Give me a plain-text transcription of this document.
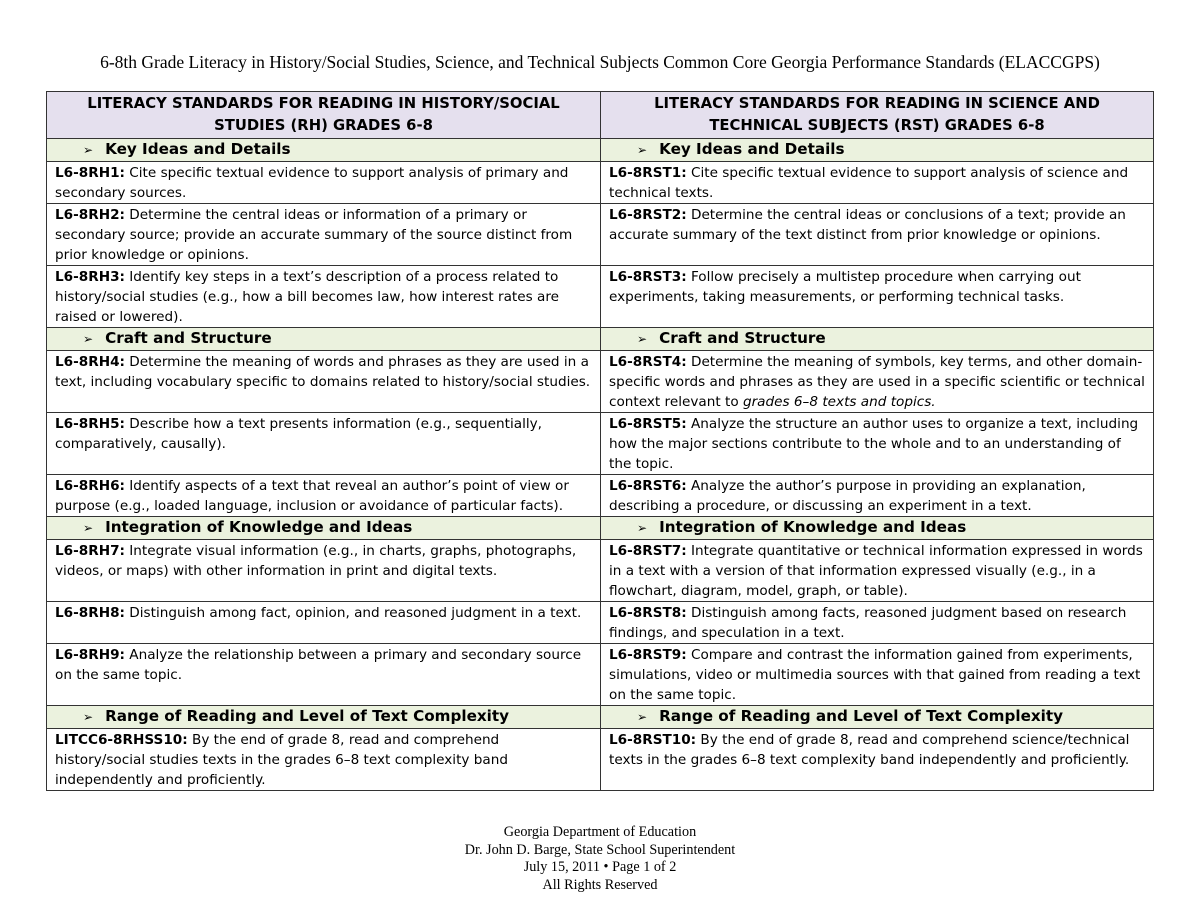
6-8th Grade Literacy in History/Social Studies, Science, and Technical Subjects Common Core Georgia Performance Standards (ELACCGPS)
LITERACY STANDARDS FOR READING IN HISTORY/SOCIAL STUDIES (RH) GRADES 6-8	LITERACY STANDARDS FOR READING IN SCIENCE AND TECHNICAL SUBJECTS (RST) GRADES 6-8
➢ Key Ideas and Details	➢ Key Ideas and Details
L6-8RH1: Cite specific textual evidence to support analysis of primary and secondary sources.	L6-8RST1: Cite specific textual evidence to support analysis of science and technical texts.
L6-8RH2: Determine the central ideas or information of a primary or secondary source; provide an accurate summary of the source distinct from prior knowledge or opinions.	L6-8RST2: Determine the central ideas or conclusions of a text; provide an accurate summary of the text distinct from prior knowledge or opinions.
L6-8RH3: Identify key steps in a text’s description of a process related to history/social studies (e.g., how a bill becomes law, how interest rates are raised or lowered).	L6-8RST3: Follow precisely a multistep procedure when carrying out experiments, taking measurements, or performing technical tasks.
➢ Craft and Structure	➢ Craft and Structure
L6-8RH4: Determine the meaning of words and phrases as they are used in a text, including vocabulary specific to domains related to history/social studies.	L6-8RST4: Determine the meaning of symbols, key terms, and other domain-specific words and phrases as they are used in a specific scientific or technical context relevant to grades 6–8 texts and topics.
L6-8RH5: Describe how a text presents information (e.g., sequentially, comparatively, causally).	L6-8RST5: Analyze the structure an author uses to organize a text, including how the major sections contribute to the whole and to an understanding of the topic.
L6-8RH6: Identify aspects of a text that reveal an author’s point of view or purpose (e.g., loaded language, inclusion or avoidance of particular facts).	L6-8RST6: Analyze the author’s purpose in providing an explanation, describing a procedure, or discussing an experiment in a text.
➢ Integration of Knowledge and Ideas	➢ Integration of Knowledge and Ideas
L6-8RH7: Integrate visual information (e.g., in charts, graphs, photographs, videos, or maps) with other information in print and digital texts.	L6-8RST7: Integrate quantitative or technical information expressed in words in a text with a version of that information expressed visually (e.g., in a flowchart, diagram, model, graph, or table).
L6-8RH8: Distinguish among fact, opinion, and reasoned judgment in a text.	L6-8RST8: Distinguish among facts, reasoned judgment based on research findings, and speculation in a text.
L6-8RH9: Analyze the relationship between a primary and secondary source on the same topic.	L6-8RST9: Compare and contrast the information gained from experiments, simulations, video or multimedia sources with that gained from reading a text on the same topic.
➢ Range of Reading and Level of Text Complexity	➢ Range of Reading and Level of Text Complexity
LITCC6-8RHSS10: By the end of grade 8, read and comprehend history/social studies texts in the grades 6–8 text complexity band independently and proficiently.	L6-8RST10: By the end of grade 8, read and comprehend science/technical texts in the grades 6–8 text complexity band independently and proficiently.
Georgia Department of Education
Dr. John D. Barge, State School Superintendent
July 15, 2011 • Page 1 of 2
All Rights Reserved
